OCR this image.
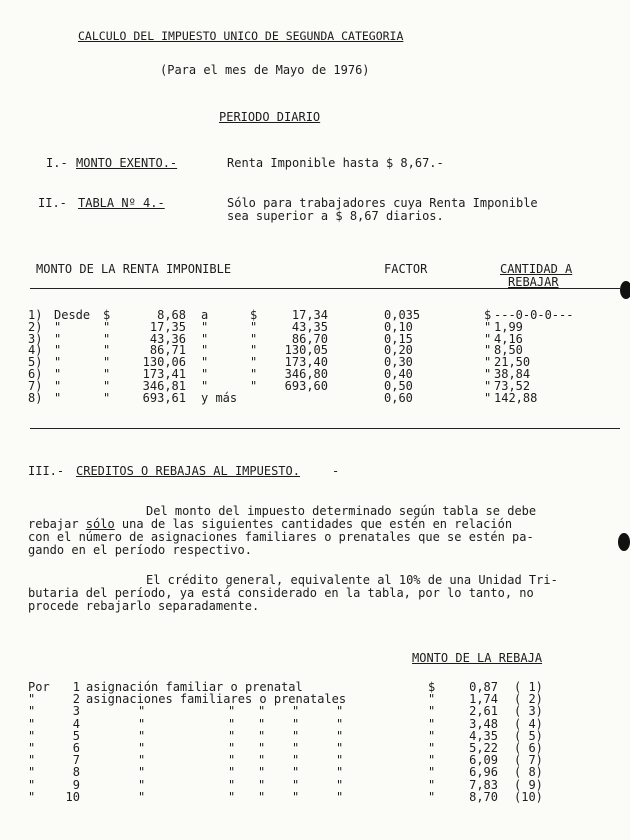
CALCULO DEL IMPUESTO UNICO DE SEGUNDA CATEGORIA
(Para el mes de Mayo de 1976)
PERIODO DIARIO
I.- MONTO EXENTO.-	Renta Imponible hasta $ 8,67.-
II.- TABLA Nº 4.-	Sólo para trabajadores cuya Renta Imponible
sea superior a $ 8,67 diarios.
MONTO DE LA RENTA IMPONIBLE	FACTOR	CANTIDAD A
REBAJAR
1) Desde	$	8,68 a	$	17,34	0,035	$ ---0-0-0---
2) "	"	17,35 "	"	43,35	0,10	" 1,99
3) "	"	43,36 "	"	86,70	0,15	" 4,16
4) "	"	86,71 "	"	130,05	0,20	" 8,50
5) "	"	130,06 "	"	173,40	0,30	" 21,50
6) "	"	173,41 "	"	346,80	0,40	" 38,84
7) "	"	346,81 "	"	693,60	0,50	" 73,52
8) "	"	693,61 y más	0,60	" 142,88
III.- CREDITOS O REBAJAS AL IMPUESTO.	-
Del monto del impuesto determinado según tabla se debe
rebajar sólo una de las siguientes cantidades que estén en relación
con el número de asignaciones familiares o prenatales que se estén pa-
gando en el período respectivo.
El crédito general, equivalente al 10% de una Unidad Tri-
butaria del período, ya está considerado en la tabla, por lo tanto, no
procede rebajarlo separadamente.
MONTO DE LA REBAJA
Por	1 asignación familiar o prenatal	$	0,87 ( 1)
"	2 asignaciones familiares o prenatales	"	1,74 ( 2)
"	3	"	" " "	"	"	2,61 ( 3)
"	4	"	" " "	"	"	3,48 ( 4)
"	5	"	" " "	"	"	4,35 ( 5)
"	6	"	" " "	"	"	5,22 ( 6)
"	7	"	" " "	"	"	6,09 ( 7)
"	8	"	" " "	"	"	6,96 ( 8)
"	9	"	" " "	"	"	7,83 ( 9)
"	10	"	" " "	"	"	8,70 (10)
